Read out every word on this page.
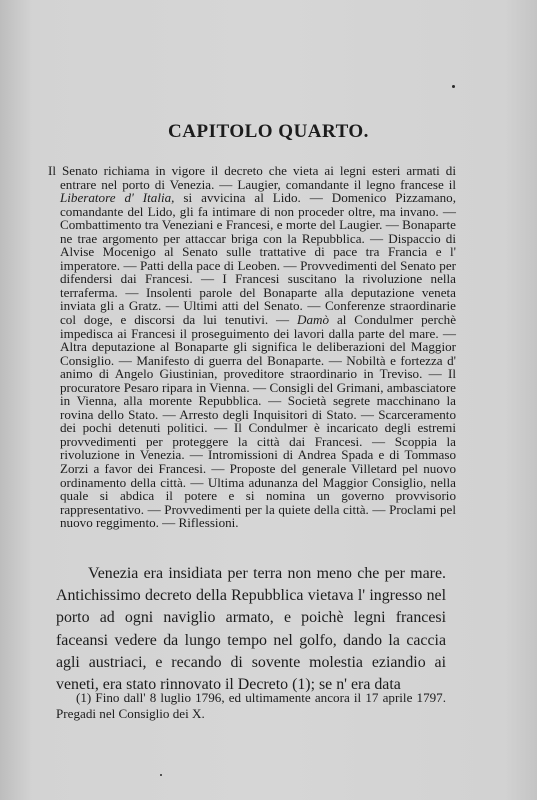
CAPITOLO QUARTO.
Il Senato richiama in vigore il decreto che vieta ai legni esteri armati di entrare nel porto di Venezia. — Laugier, comandante il legno francese il Liberatore d' Italia, si avvicina al Lido. — Domenico Pizzamano, comandante del Lido, gli fa intimare di non proceder oltre, ma invano. — Combattimento tra Veneziani e Francesi, e morte del Laugier. — Bonaparte ne trae argomento per attaccar briga con la Repubblica. — Dispaccio di Alvise Mocenigo al Senato sulle trattative di pace tra Francia e l' imperatore. — Patti della pace di Leoben. — Provvedimenti del Senato per difendersi dai Francesi. — I Francesi suscitano la rivoluzione nella terraferma. — Insolenti parole del Bonaparte alla deputazione veneta inviata gli a Gratz. — Ultimi atti del Senato. — Conferenze straordinarie col doge, e discorsi da lui tenutivi. — Damò al Condulmer perchè impedisca ai Francesi il proseguimento dei lavori dalla parte del mare. — Altra deputazione al Bonaparte gli significa le deliberazioni del Maggior Consiglio. — Manifesto di guerra del Bonaparte. — Nobiltà e fortezza d' animo di Angelo Giustinian, proveditore straordinario in Treviso. — Il procuratore Pesaro ripara in Vienna. — Consigli del Grimani, ambasciatore in Vienna, alla morente Repubblica. — Società segrete macchinano la rovina dello Stato. — Arresto degli Inquisitori di Stato. — Scarceramento dei pochi detenuti politici. — Il Condulmer è incaricato degli estremi provvedimenti per proteggere la città dai Francesi. — Scoppia la rivoluzione in Venezia. — Intromissioni di Andrea Spada e di Tommaso Zorzi a favor dei Francesi. — Proposte del generale Villetard pel nuovo ordinamento della città. — Ultima adunanza del Maggior Consiglio, nella quale si abdica il potere e si nomina un governo provvisorio rappresentativo. — Provvedimenti per la quiete della città. — Proclami pel nuovo reggimento. — Riflessioni.
Venezia era insidiata per terra non meno che per mare. Antichissimo decreto della Repubblica vietava l' ingresso nel porto ad ogni naviglio armato, e poichè legni francesi faceansi vedere da lungo tempo nel golfo, dando la caccia agli austriaci, e recando di sovente molestia eziandio ai veneti, era stato rinnovato il Decreto (1); se n' era data
(1) Fino dall' 8 luglio 1796, ed ultimamente ancora il 17 aprile 1797. Pregadi nel Consiglio dei X.
